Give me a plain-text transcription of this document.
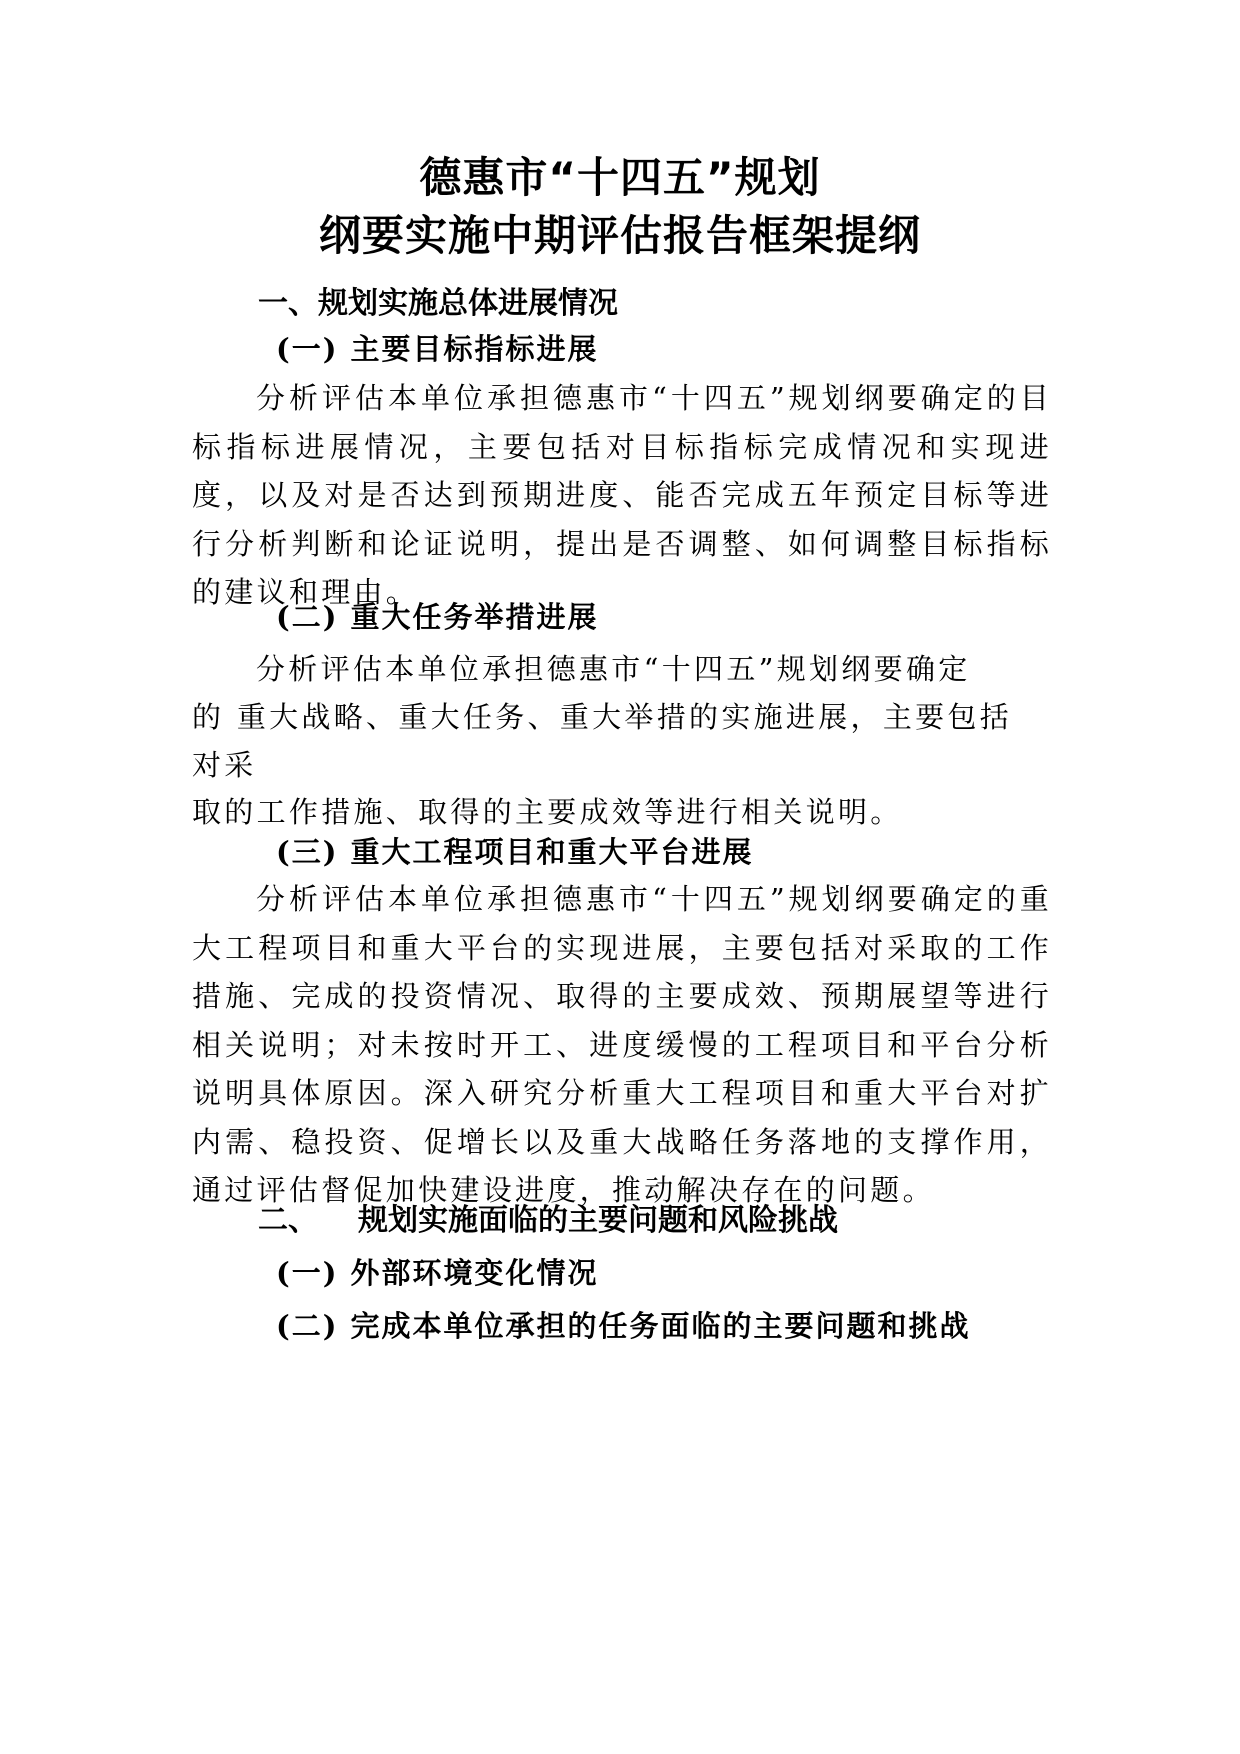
德惠市“十四五”规划
纲要实施中期评估报告框架提纲
一、规划实施总体进展情况
(一) 主要目标指标进展

分析评估本单位承担德惠市“十四五”规划纲要确定的目标指标进展情况，主要包括对目标指标完成情况和实现进度，以及对是否达到预期进度、能否完成五年预定目标等进行分析判断和论证说明，提出是否调整、如何调整目标指标的建议和理由。

(二) 重大任务举措进展

分析评估本单位承担德惠市“十四五”规划纲要确定

的 重大战略、重大任务、重大举措的实施进展，主要包括

对采

取的工作措施、取得的主要成效等进行相关说明。

(三) 重大工程项目和重大平台进展

分析评估本单位承担德惠市“十四五”规划纲要确定的重大工程项目和重大平台的实现进展，主要包括对采取的工作措施、完成的投资情况、取得的主要成效、预期展望等进行相关说明；对未按时开工、进度缓慢的工程项目和平台分析说明具体原因。深入研究分析重大工程项目和重大平台对扩内需、稳投资、促增长以及重大战略任务落地的支撑作用，通过评估督促加快建设进度，推动解决存在的问题。

二、 规划实施面临的主要问题和风险挑战
(一) 外部环境变化情况
(二) 完成本单位承担的任务面临的主要问题和挑战
